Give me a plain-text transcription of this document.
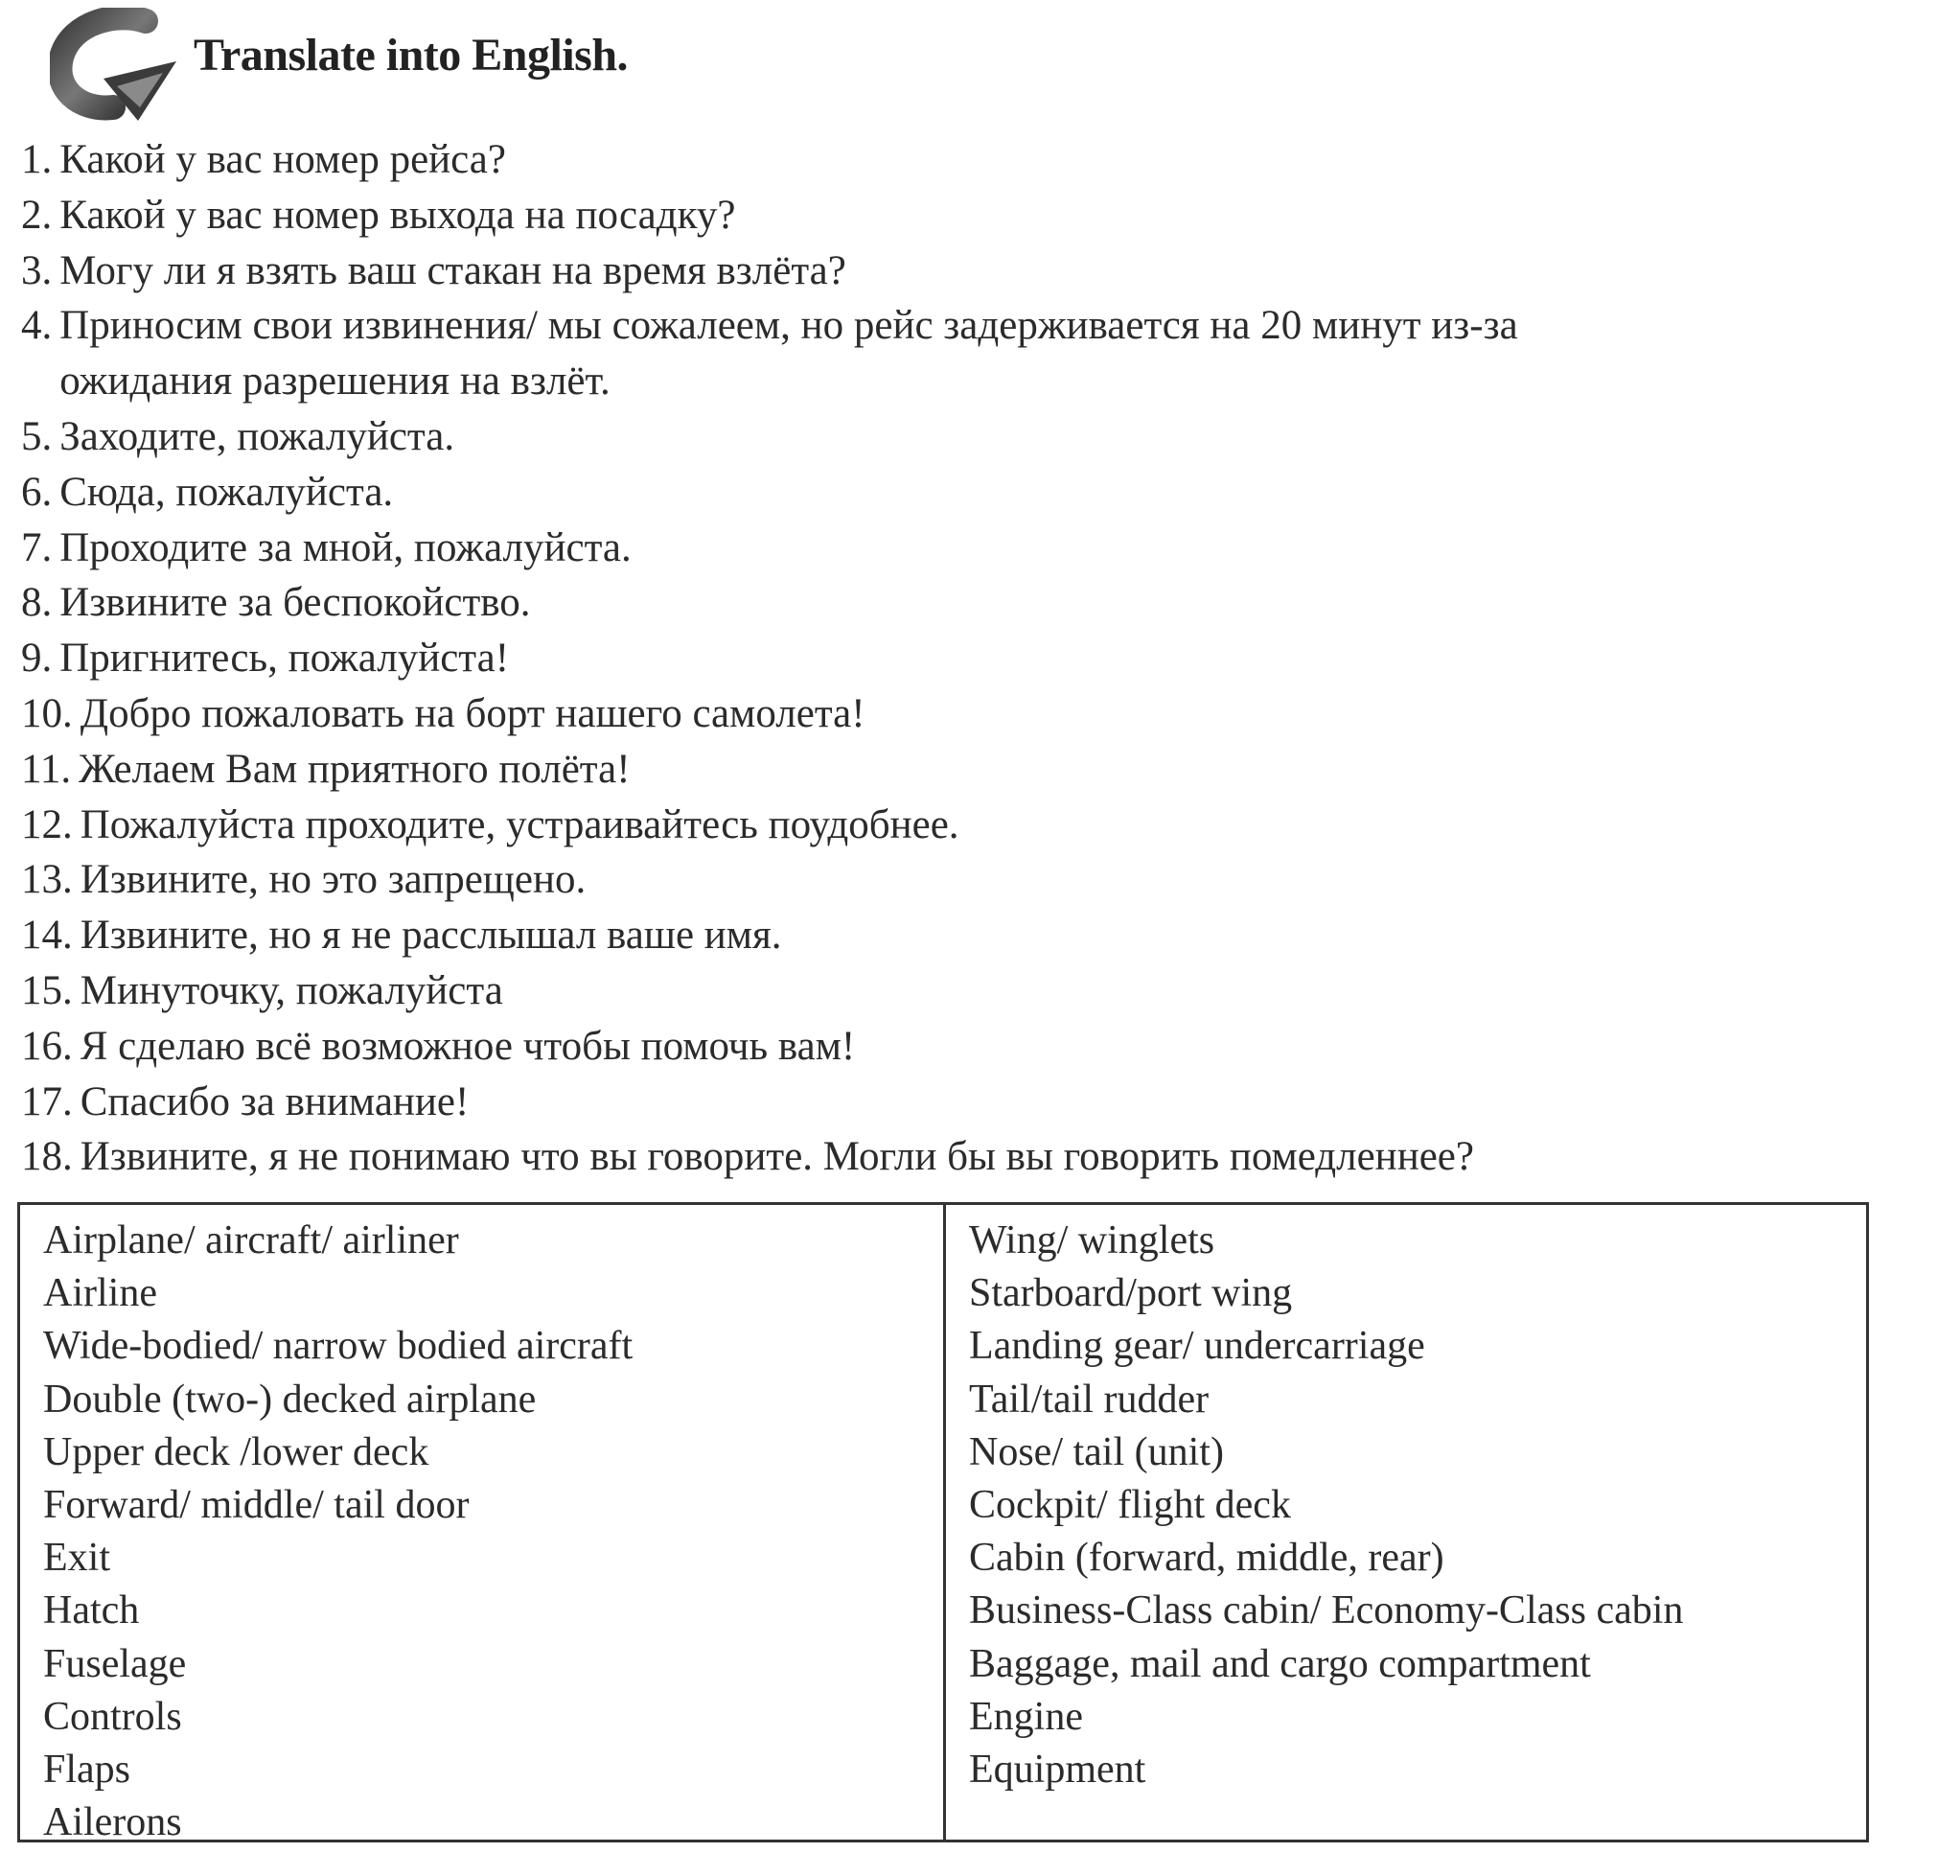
Translate into English.
1. Какой у вас номер рейса?
2. Какой у вас номер выхода на посадку?
3. Могу ли я взять ваш стакан на время взлёта?
4. Приносим свои извинения/ мы сожалеем, но рейс задерживается на 20 минут из-за ожидания разрешения на взлёт.
5. Заходите, пожалуйста.
6. Сюда, пожалуйста.
7. Проходите за мной, пожалуйста.
8. Извините за беспокойство.
9. Пригнитесь, пожалуйста!
10. Добро пожаловать на борт нашего самолета!
11. Желаем Вам приятного полёта!
12. Пожалуйста проходите, устраивайтесь поудобнее.
13. Извините, но это запрещено.
14. Извините, но я не расслышал ваше имя.
15. Минуточку, пожалуйста
16. Я сделаю всё возможное чтобы помочь вам!
17. Спасибо за внимание!
18. Извините, я не понимаю что вы говорите. Могли бы вы говорить помедленнее?
Airplane/ aircraft/ airliner
Airline
Wide-bodied/ narrow bodied aircraft
Double (two-) decked airplane
Upper deck /lower deck
Forward/ middle/ tail door
Exit
Hatch
Fuselage
Controls
Flaps
Ailerons
Wing/ winglets
Starboard/port wing
Landing gear/ undercarriage
Tail/tail rudder
Nose/ tail (unit)
Cockpit/ flight deck
Cabin (forward, middle, rear)
Business-Class cabin/ Economy-Class cabin
Baggage, mail and cargo compartment
Engine
Equipment
